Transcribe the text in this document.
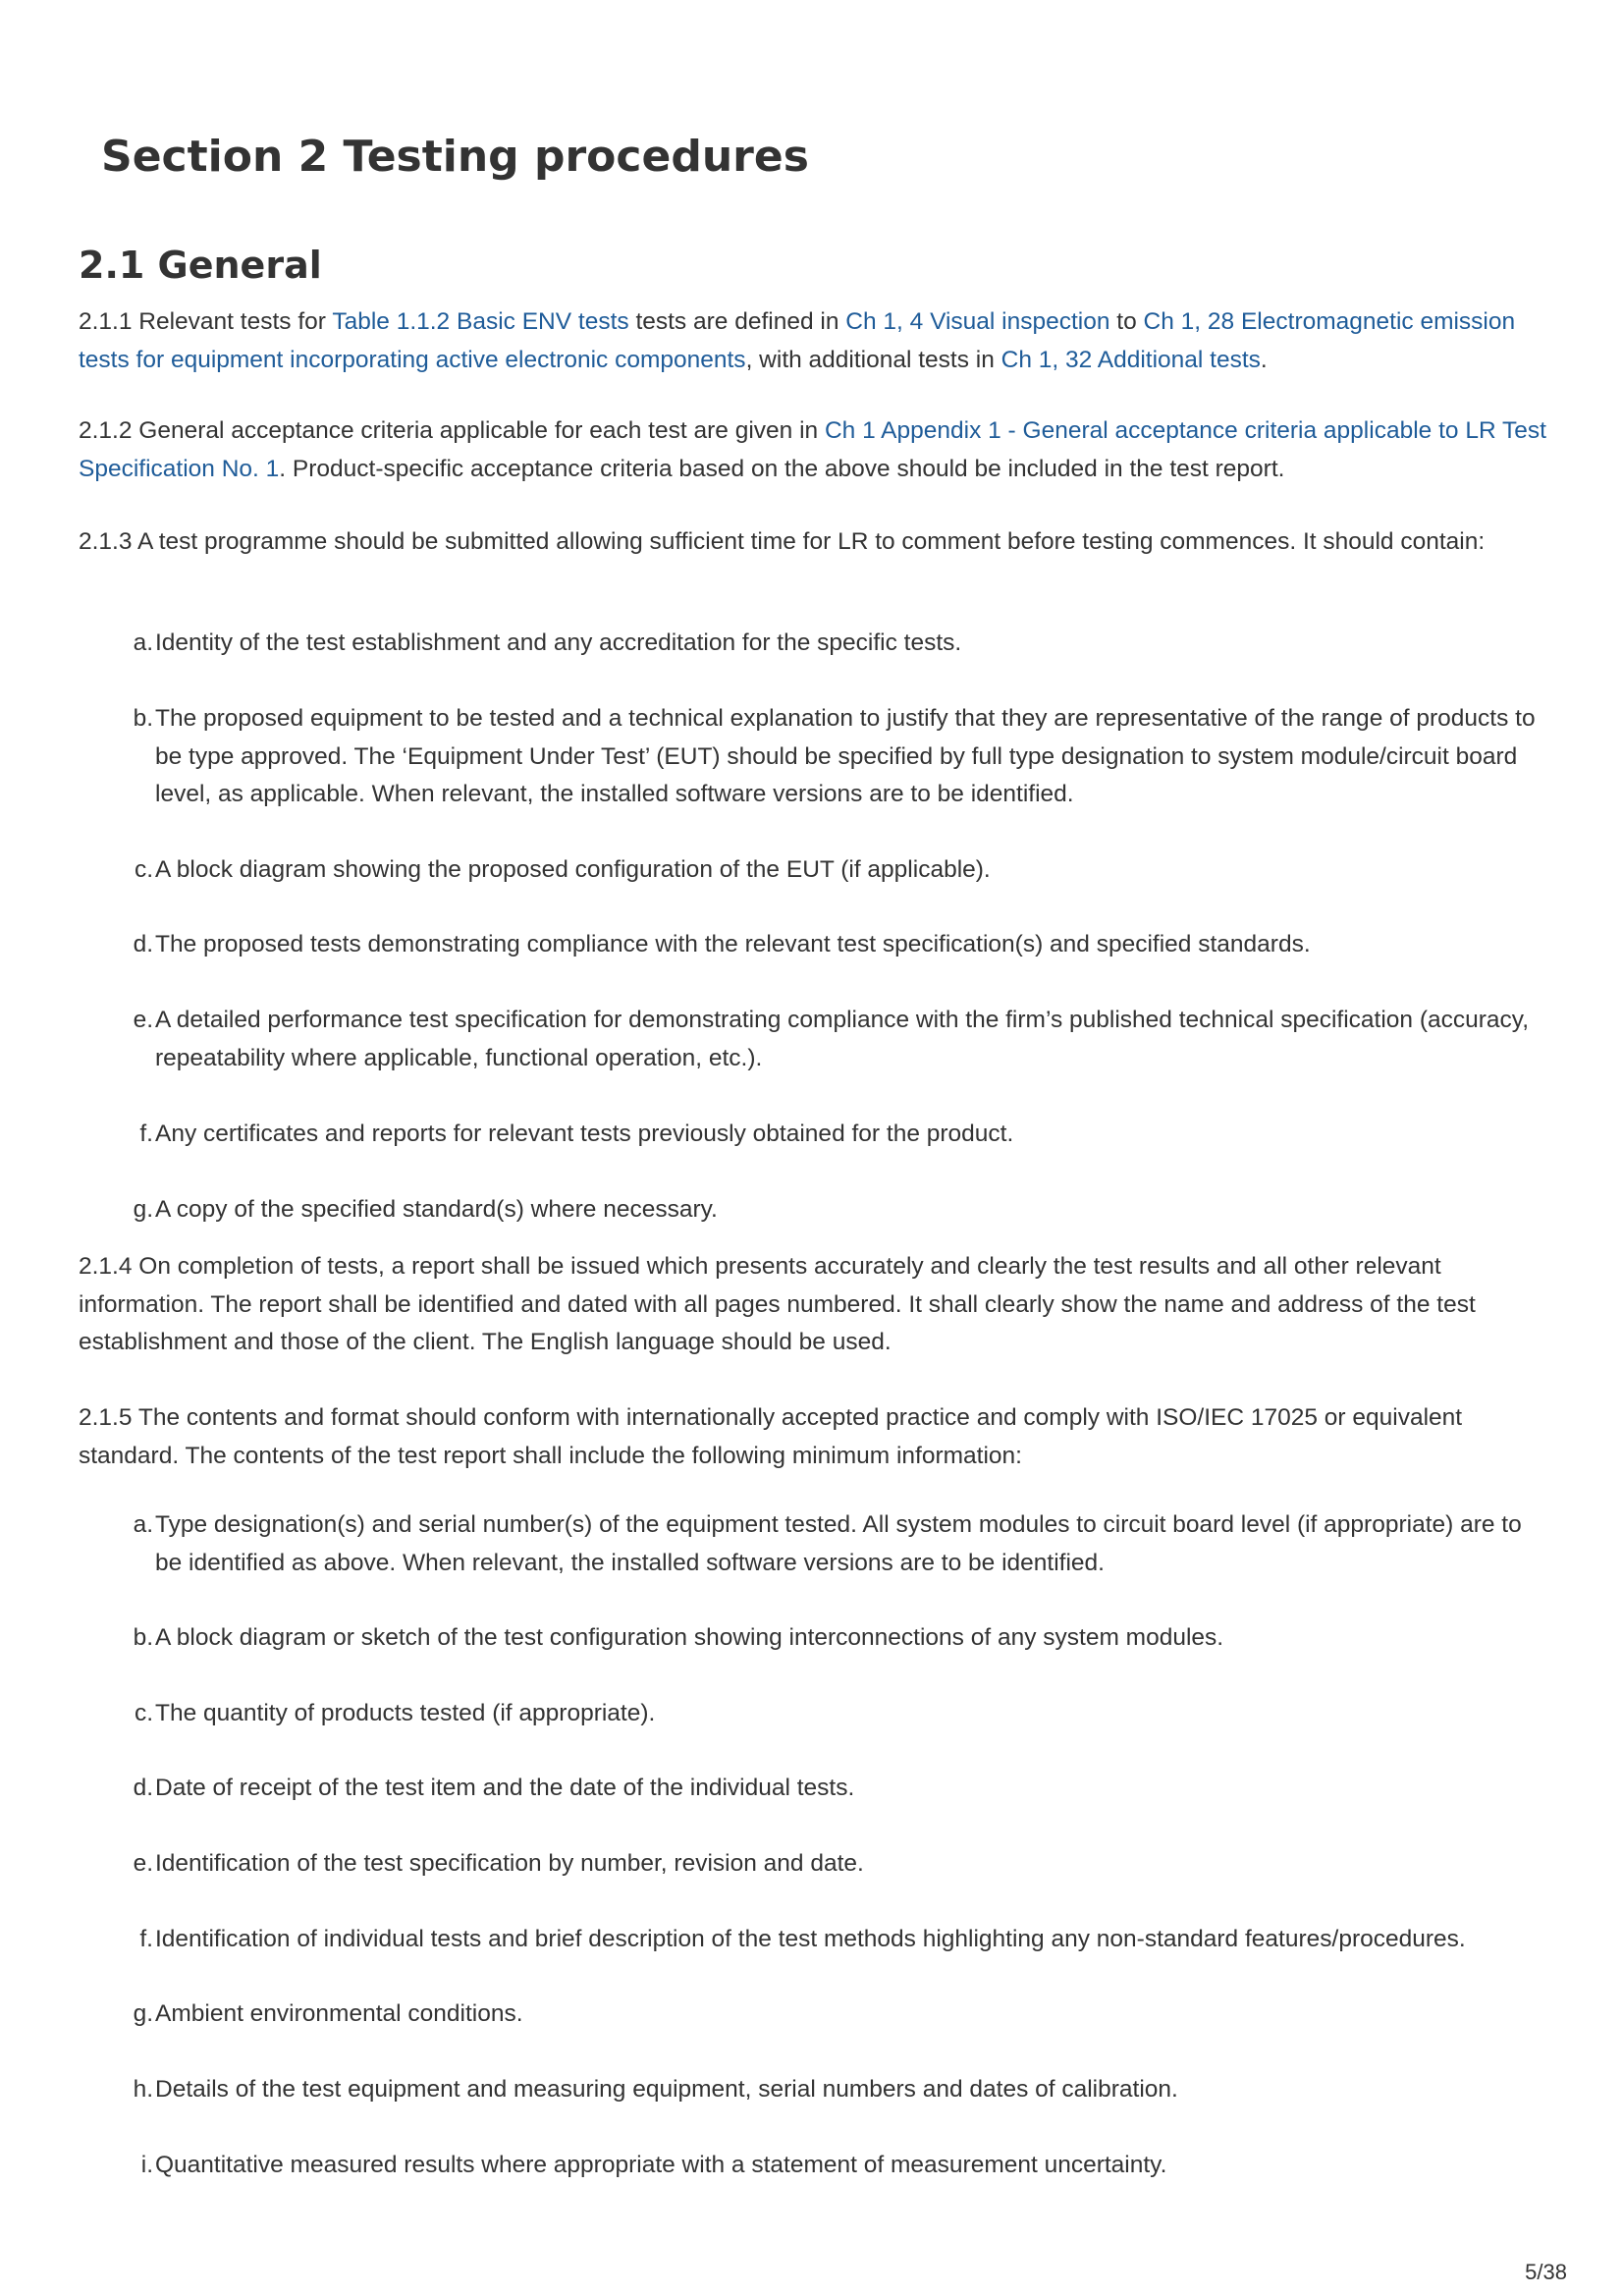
Section 2 Testing procedures
2.1 General

2.1.1 Relevant tests for Table 1.1.2 Basic ENV tests tests are defined in Ch 1, 4 Visual inspection to Ch 1, 28 Electromagnetic emission tests for equipment incorporating active electronic components, with additional tests in Ch 1, 32 Additional tests.

2.1.2 General acceptance criteria applicable for each test are given in Ch 1 Appendix 1 - General acceptance criteria applicable to LR Test Specification No. 1. Product-specific acceptance criteria based on the above should be included in the test report.

2.1.3 A test programme should be submitted allowing sufficient time for LR to comment before testing commences. It should contain:

a. Identity of the test establishment and any accreditation for the specific tests.
b. The proposed equipment to be tested and a technical explanation to justify that they are representative of the range of products to be type approved. The ‘Equipment Under Test’ (EUT) should be specified by full type designation to system module/circuit board level, as applicable. When relevant, the installed software versions are to be identified.
c. A block diagram showing the proposed configuration of the EUT (if applicable).
d. The proposed tests demonstrating compliance with the relevant test specification(s) and specified standards.
e. A detailed performance test specification for demonstrating compliance with the firm’s published technical specification (accuracy, repeatability where applicable, functional operation, etc.).
f. Any certificates and reports for relevant tests previously obtained for the product.
g. A copy of the specified standard(s) where necessary.

2.1.4 On completion of tests, a report shall be issued which presents accurately and clearly the test results and all other relevant information. The report shall be identified and dated with all pages numbered. It shall clearly show the name and address of the test establishment and those of the client. The English language should be used.

2.1.5 The contents and format should conform with internationally accepted practice and comply with ISO/IEC 17025 or equivalent standard. The contents of the test report shall include the following minimum information:

a. Type designation(s) and serial number(s) of the equipment tested. All system modules to circuit board level (if appropriate) are to be identified as above. When relevant, the installed software versions are to be identified.
b. A block diagram or sketch of the test configuration showing interconnections of any system modules.
c. The quantity of products tested (if appropriate).
d. Date of receipt of the test item and the date of the individual tests.
e. Identification of the test specification by number, revision and date.
f. Identification of individual tests and brief description of the test methods highlighting any non-standard features/procedures.
g. Ambient environmental conditions.
h. Details of the test equipment and measuring equipment, serial numbers and dates of calibration.
i. Quantitative measured results where appropriate with a statement of measurement uncertainty.

5/38
